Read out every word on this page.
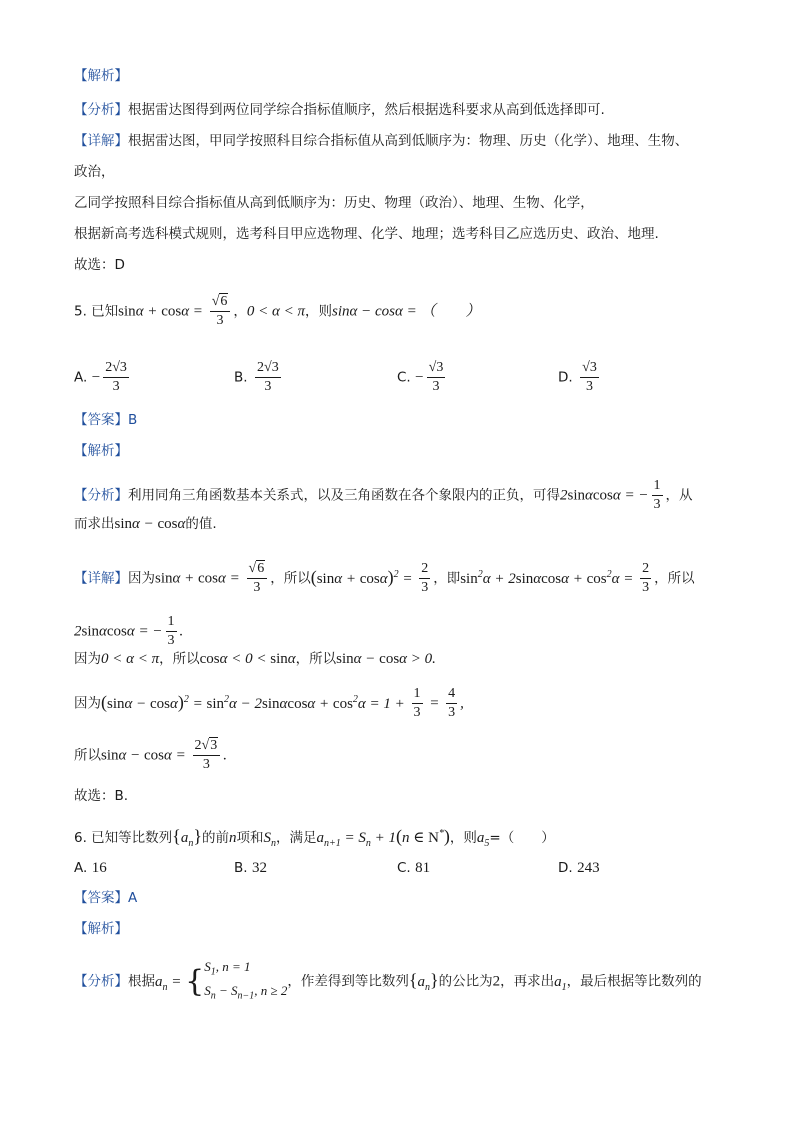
【解析】
【分析】根据雷达图得到两位同学综合指标值顺序，然后根据选科要求从高到低选择即可.
【详解】根据雷达图，甲同学按照科目综合指标值从高到低顺序为：物理、历史（化学）、地理、生物、
政治，
乙同学按照科目综合指标值从高到低顺序为：历史、物理（政治）、地理、生物、化学，
根据新高考选科模式规则，选考科目甲应选物理、化学、地理；选考科目乙应选历史、政治、地理.
故选：D
5. 已知$\sin\alpha + \cos\alpha = \frac{√6}{3}$ ，0 < α < π，则sinα − cosα = （　　）
A. − $\frac{2√3}{3}$	B. $\frac{2√3}{3}$	C. − $\frac{√3}{3}$	D. $\frac{√3}{3}$
【答案】B
【解析】
【分析】利用同角三角函数基本关系式，以及三角函数在各个象限内的正负，可得2sinαcosα = − $\frac{1}{3}$ ，从
而求出sinα − cosα的值.
【详解】因为$\sin\alpha + \cos\alpha = \frac{√6}{3}$ ，所以$(\sin\alpha + \cos\alpha)^2 = \frac{2}{3}$ ，即$\sin^2\alpha + 2\sin\alpha\cos\alpha + \cos^2\alpha = \frac{2}{3}$ ，所以
2sinαcosα = − $\frac{1}{3}$ .
因为0 < α < π，所以cosα < 0 < sinα，所以sinα − cosα > 0.
因为$(\sin\alpha - \cos\alpha)^2 = \sin^2\alpha - 2\sin\alpha\cos\alpha + \cos^2\alpha = 1 + \frac{1}{3} = \frac{4}{3}$ ,
所以$\sin\alpha - \cos\alpha = \frac{2√3}{3}$ .
故选：B.
6. 已知等比数列$\{a_n\}$的前n项和$S_n$，满足$a_{n+1} = S_n + 1(n$ ∈ N*)，则$a_5=$（　　）
A. 16	B. 32	C. 81	D. 243
【答案】A
【解析】
【分析】根据$a_n$ = { $S_1$, n = 1
$S_n - S_{n-1}$, n ≥ 2
，作差得到等比数列$\{a_n\}$的公比为2，再求出$a_1$，最后根据等比数列的
